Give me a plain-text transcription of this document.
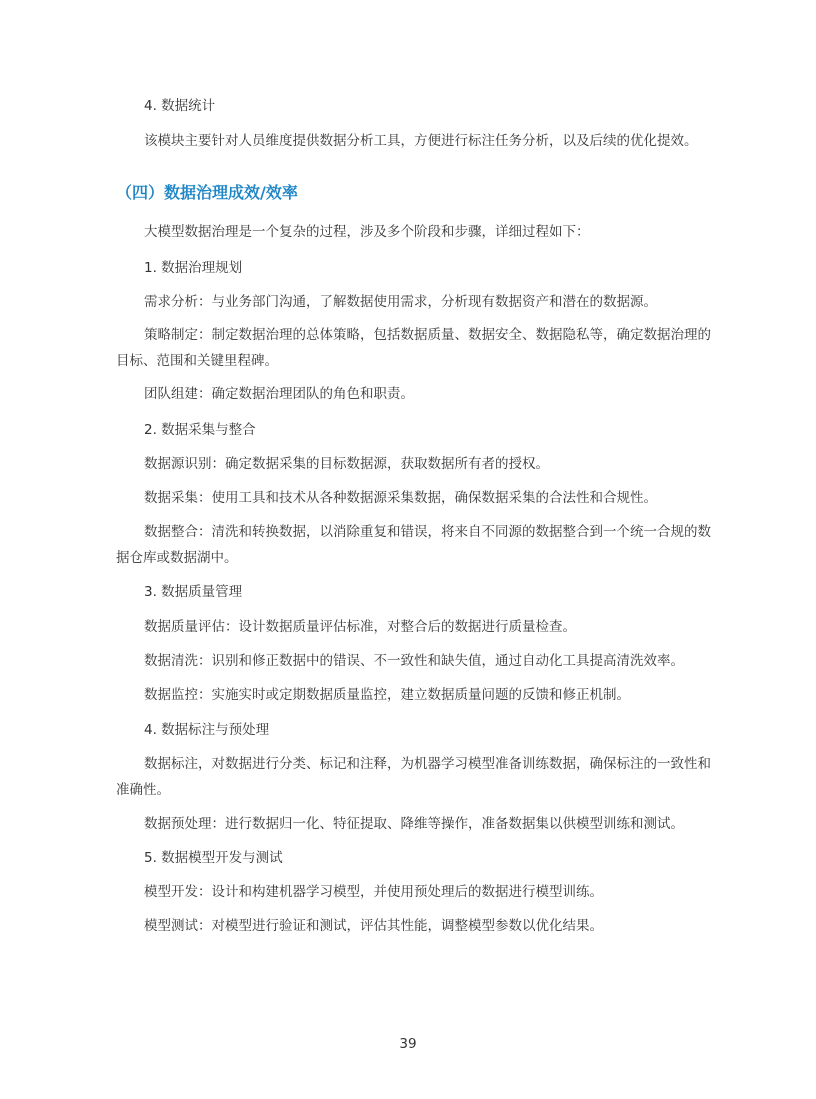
4. 数据统计

该模块主要针对人员维度提供数据分析工具，方便进行标注任务分析，以及后续的优化提效。

（四）数据治理成效/效率

大模型数据治理是一个复杂的过程，涉及多个阶段和步骤，详细过程如下：

1. 数据治理规划

需求分析：与业务部门沟通，了解数据使用需求，分析现有数据资产和潜在的数据源。

策略制定：制定数据治理的总体策略，包括数据质量、数据安全、数据隐私等，确定数据治理的目标、范围和关键里程碑。

团队组建：确定数据治理团队的角色和职责。

2. 数据采集与整合

数据源识别：确定数据采集的目标数据源，获取数据所有者的授权。

数据采集：使用工具和技术从各种数据源采集数据，确保数据采集的合法性和合规性。

数据整合：清洗和转换数据，以消除重复和错误，将来自不同源的数据整合到一个统一合规的数据仓库或数据湖中。

3. 数据质量管理

数据质量评估：设计数据质量评估标准，对整合后的数据进行质量检查。

数据清洗：识别和修正数据中的错误、不一致性和缺失值，通过自动化工具提高清洗效率。

数据监控：实施实时或定期数据质量监控，建立数据质量问题的反馈和修正机制。

4. 数据标注与预处理

数据标注，对数据进行分类、标记和注释，为机器学习模型准备训练数据，确保标注的一致性和准确性。

数据预处理：进行数据归一化、特征提取、降维等操作，准备数据集以供模型训练和测试。

5. 数据模型开发与测试

模型开发：设计和构建机器学习模型，并使用预处理后的数据进行模型训练。

模型测试：对模型进行验证和测试，评估其性能，调整模型参数以优化结果。

39
